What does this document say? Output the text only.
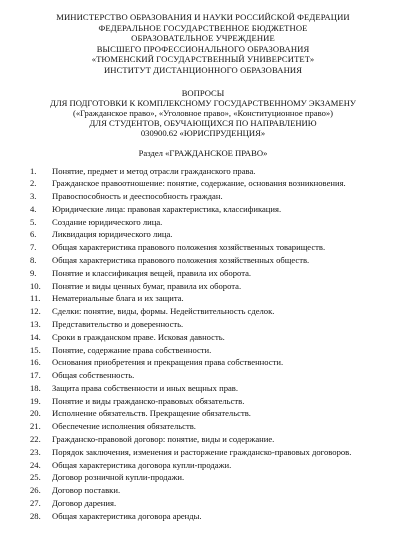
МИНИСТЕРСТВО ОБРАЗОВАНИЯ И НАУКИ РОССИЙСКОЙ ФЕДЕРАЦИИ
ФЕДЕРАЛЬНОЕ ГОСУДАРСТВЕННОЕ БЮДЖЕТНОЕ
ОБРАЗОВАТЕЛЬНОЕ УЧРЕЖДЕНИЕ
ВЫСШЕГО ПРОФЕССИОНАЛЬНОГО ОБРАЗОВАНИЯ
«ТЮМЕНСКИЙ ГОСУДАРСТВЕННЫЙ УНИВЕРСИТЕТ»
ИНСТИТУТ ДИСТАНЦИОННОГО ОБРАЗОВАНИЯ
ВОПРОСЫ
ДЛЯ ПОДГОТОВКИ К КОМПЛЕКСНОМУ ГОСУДАРСТВЕННОМУ ЭКЗАМЕНУ
(«Гражданское право», «Уголовное право», «Конституционное право»)
ДЛЯ СТУДЕНТОВ, ОБУЧАЮЩИХСЯ ПО НАПРАВЛЕНИЮ
030900.62 «ЮРИСПРУДЕНЦИЯ»
Раздел «ГРАЖДАНСКОЕ ПРАВО»
1.	Понятие, предмет и метод отрасли гражданского права.
2.	Гражданское правоотношение: понятие, содержание, основания возникновения.
3.	Правоспособность и дееспособность граждан.
4.	Юридические лица: правовая характеристика, классификация.
5.	Создание юридического лица.
6.	Ликвидация юридического лица.
7.	Общая характеристика правового положения хозяйственных товариществ.
8.	Общая характеристика правового положения хозяйственных обществ.
9.	Понятие и классификация вещей, правила их оборота.
10.	Понятие и виды ценных бумаг, правила их оборота.
11.	Нематериальные блага и их защита.
12.	Сделки: понятие, виды, формы. Недействительность сделок.
13.	Представительство и доверенность.
14.	Сроки в гражданском праве. Исковая давность.
15.	Понятие, содержание права собственности.
16.	Основания приобретения и прекращения права собственности.
17.	Общая собственность.
18.	Защита права собственности и иных вещных прав.
19.	Понятие и виды гражданско-правовых обязательств.
20.	Исполнение обязательств. Прекращение обязательств.
21.	Обеспечение исполнения обязательств.
22.	Гражданско-правовой договор: понятие, виды и содержание.
23.	Порядок заключения, изменения и расторжение гражданско-правовых договоров.
24.	Общая характеристика договора купли-продажи.
25.	Договор розничной купли-продажи.
26.	Договор поставки.
27.	Договор дарения.
28.	Общая характеристика договора аренды.
